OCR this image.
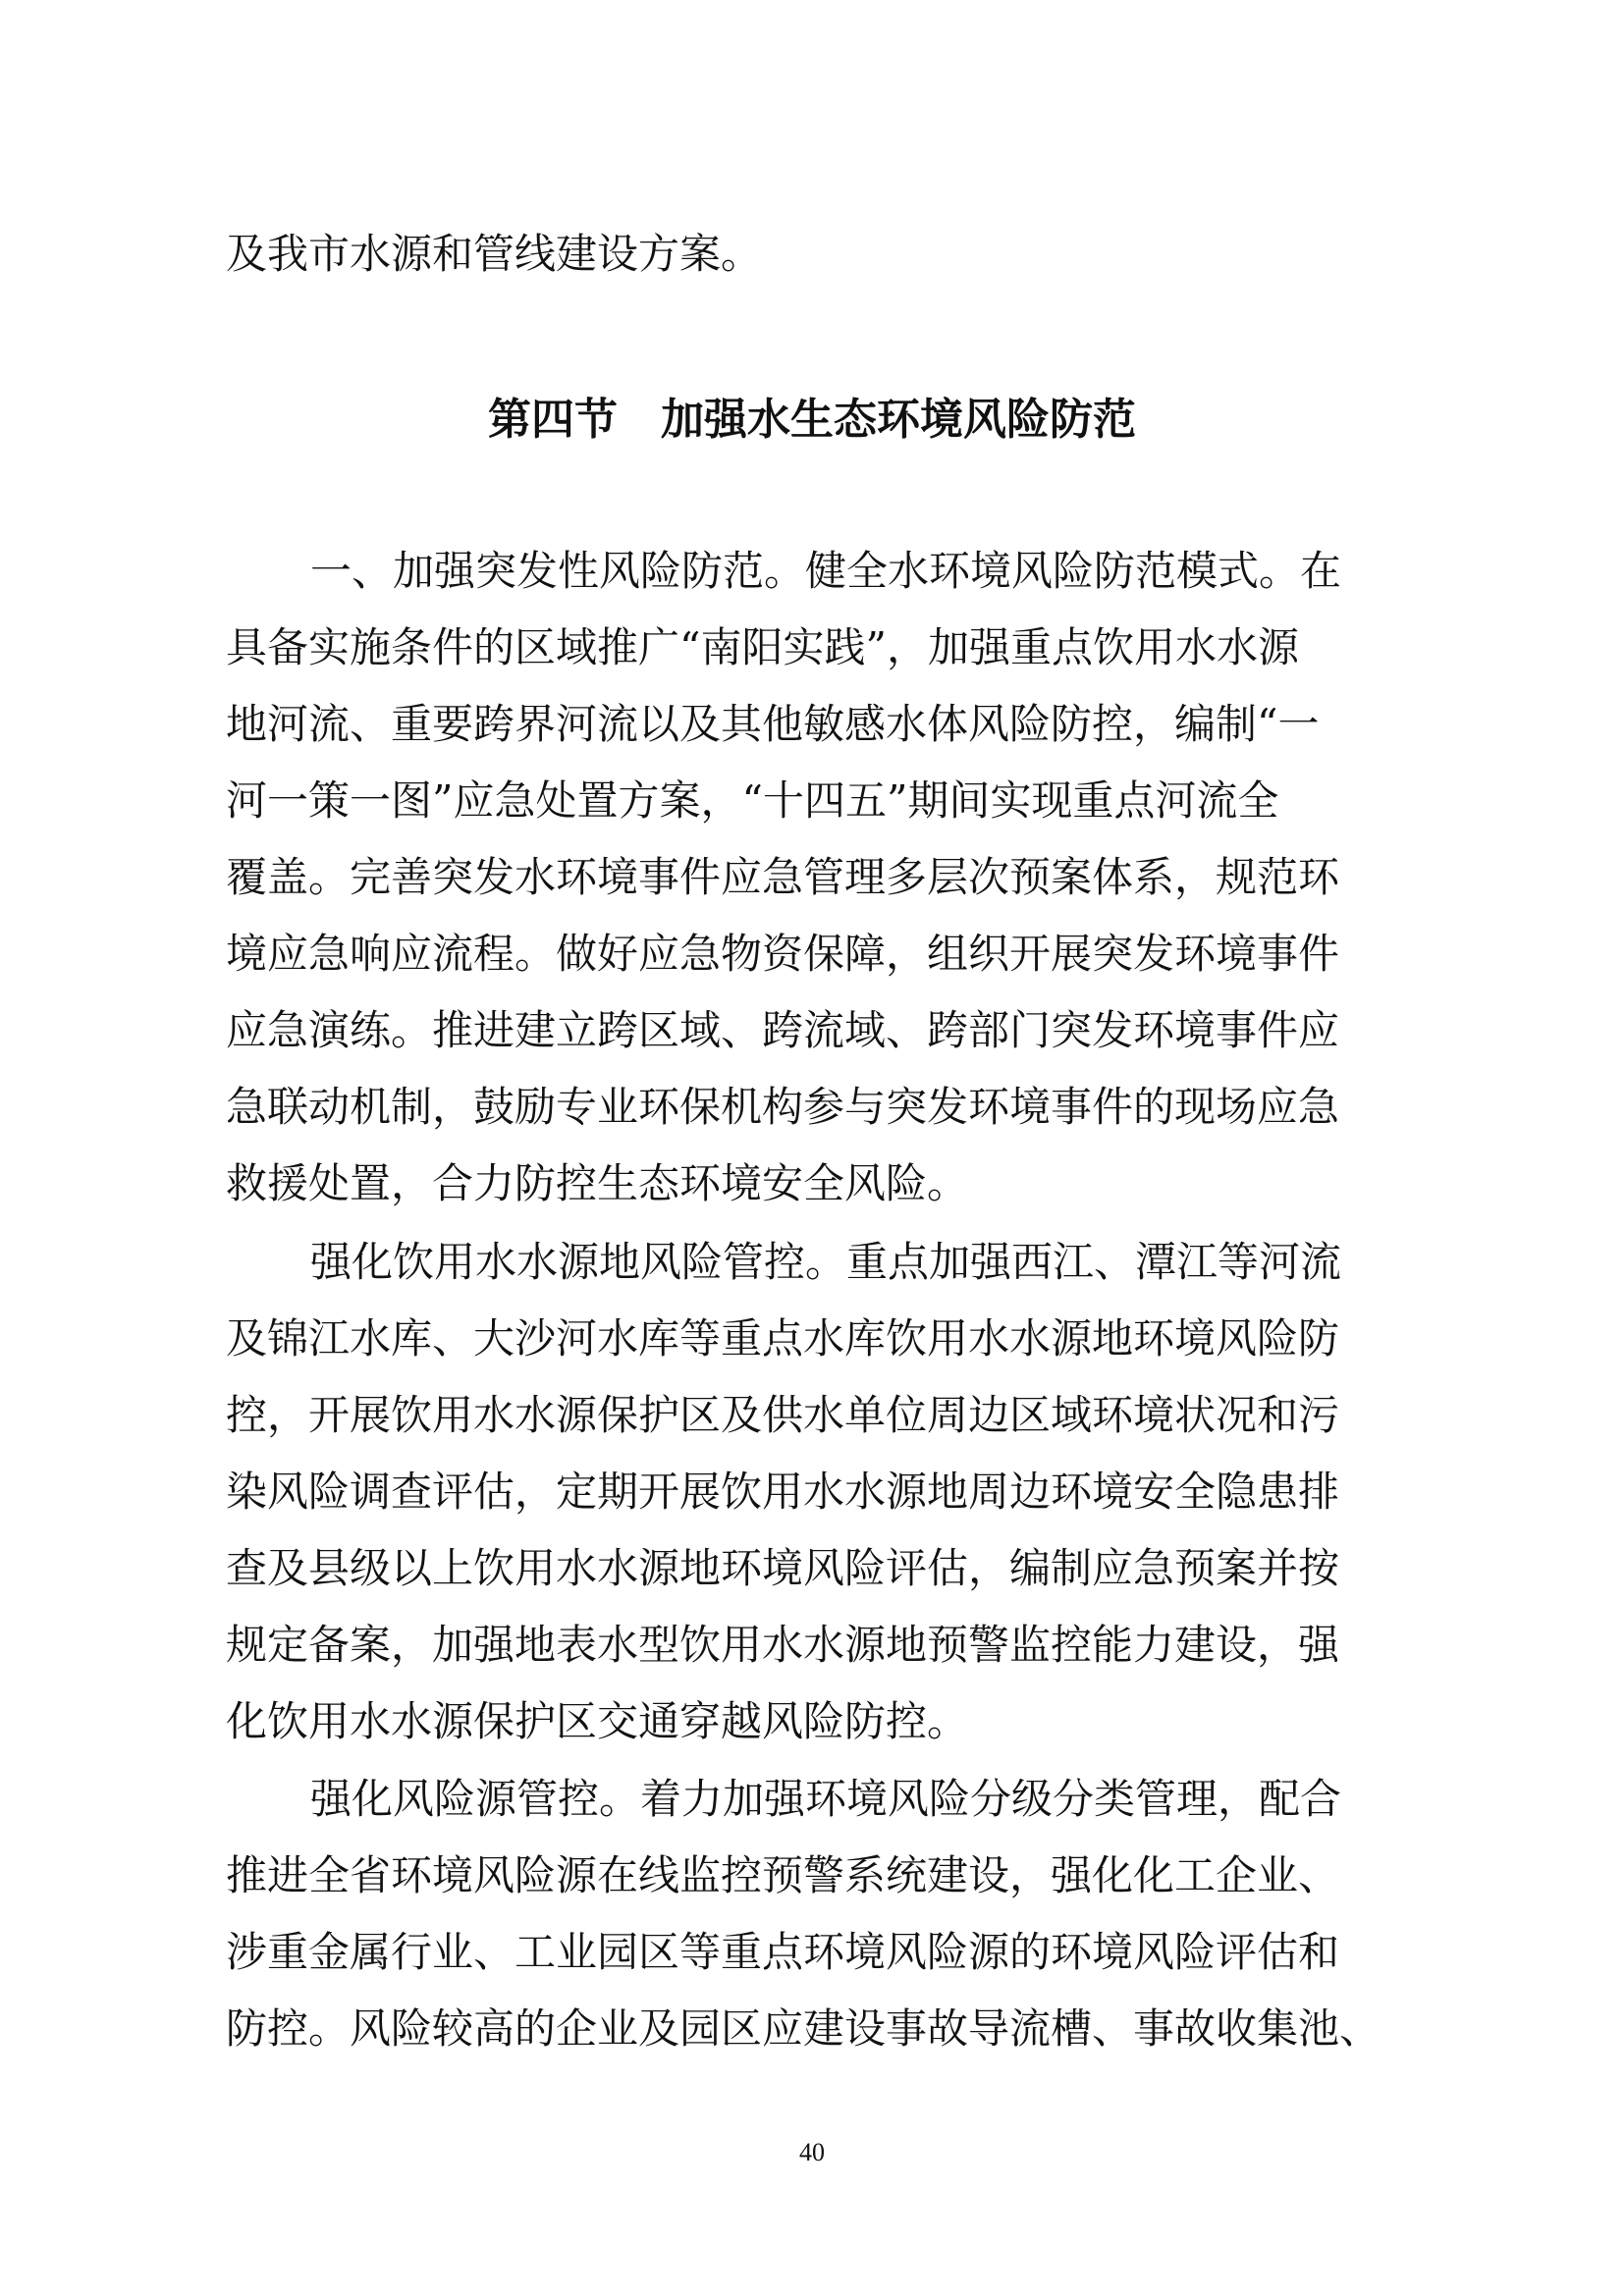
及我市水源和管线建设方案。
第四节　加强水生态环境风险防范
一、加强突发性风险防范。健全水环境风险防范模式。在
具备实施条件的区域推广“南阳实践”，加强重点饮用水水源
地河流、重要跨界河流以及其他敏感水体风险防控，编制“一
河一策一图”应急处置方案，“十四五”期间实现重点河流全
覆盖。完善突发水环境事件应急管理多层次预案体系，规范环
境应急响应流程。做好应急物资保障，组织开展突发环境事件
应急演练。推进建立跨区域、跨流域、跨部门突发环境事件应
急联动机制，鼓励专业环保机构参与突发环境事件的现场应急
救援处置，合力防控生态环境安全风险。
强化饮用水水源地风险管控。重点加强西江、潭江等河流
及锦江水库、大沙河水库等重点水库饮用水水源地环境风险防
控，开展饮用水水源保护区及供水单位周边区域环境状况和污
染风险调查评估，定期开展饮用水水源地周边环境安全隐患排
查及县级以上饮用水水源地环境风险评估，编制应急预案并按
规定备案，加强地表水型饮用水水源地预警监控能力建设，强
化饮用水水源保护区交通穿越风险防控。
强化风险源管控。着力加强环境风险分级分类管理，配合
推进全省环境风险源在线监控预警系统建设，强化化工企业、
涉重金属行业、工业园区等重点环境风险源的环境风险评估和
防控。风险较高的企业及园区应建设事故导流槽、事故收集池、
40
